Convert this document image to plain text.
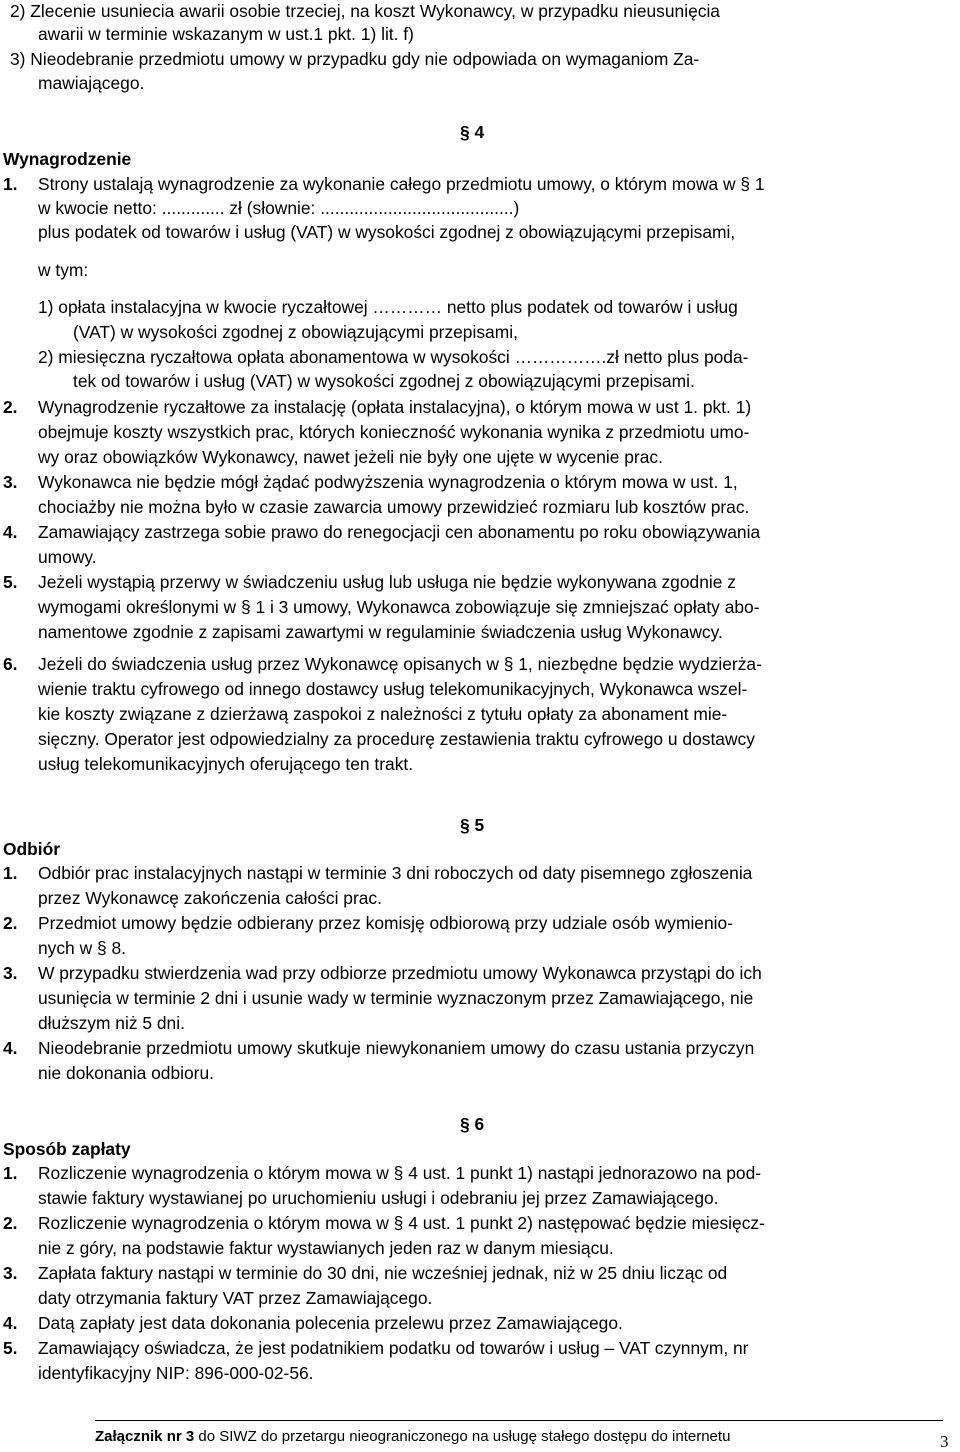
2) Zlecenie usuniecia awarii osobie trzeciej, na koszt Wykonawcy, w przypadku nieusunięcia
awarii w terminie wskazanym w ust.1 pkt. 1) lit. f)
3) Nieodebranie przedmiotu umowy w przypadku gdy nie odpowiada on wymaganiom Za-
mawiającego.
§ 4
Wynagrodzenie
1. Strony ustalają wynagrodzenie za wykonanie całego przedmiotu umowy, o którym mowa w § 1
w kwocie netto: ............. zł (słownie: ........................................)
plus podatek od towarów i usług (VAT) w wysokości zgodnej z obowiązującymi przepisami,
w tym:
1) opłata instalacyjna w kwocie ryczałtowej ………… netto plus podatek od towarów i usług
(VAT) w wysokości zgodnej z obowiązującymi przepisami,
2) miesięczna ryczałtowa opłata abonamentowa w wysokości …………….zł netto plus poda-
tek od towarów i usług (VAT) w wysokości zgodnej z obowiązującymi przepisami.
2. Wynagrodzenie ryczałtowe za instalację (opłata instalacyjna), o którym mowa w ust 1. pkt. 1)
obejmuje koszty wszystkich prac, których konieczność wykonania wynika z przedmiotu umo-
wy oraz obowiązków Wykonawcy, nawet jeżeli nie były one ujęte w wycenie prac.
3. Wykonawca nie będzie mógł żądać podwyższenia wynagrodzenia o którym mowa w ust. 1,
chociażby nie można było w czasie zawarcia umowy przewidzieć rozmiaru lub kosztów prac.
4. Zamawiający zastrzega sobie prawo do renegocjacji cen abonamentu po roku obowiązywania
umowy.
5. Jeżeli wystąpią przerwy w świadczeniu usług lub usługa nie będzie wykonywana zgodnie z
wymogami określonymi w § 1 i 3 umowy, Wykonawca zobowiązuje się zmniejszać opłaty abo-
namentowe zgodnie z zapisami zawartymi w regulaminie świadczenia usług Wykonawcy.
6. Jeżeli do świadczenia usług przez Wykonawcę opisanych w § 1, niezbędne będzie wydzierża-
wienie traktu cyfrowego od innego dostawcy usług telekomunikacyjnych, Wykonawca wszel-
kie koszty związane z dzierżawą zaspokoi z należności z tytułu opłaty za abonament mie-
sięczny. Operator jest odpowiedzialny za procedurę zestawienia traktu cyfrowego u dostawcy
usług telekomunikacyjnych oferującego ten trakt.
§ 5
Odbiór
1. Odbiór prac instalacyjnych nastąpi w terminie 3 dni roboczych od daty pisemnego zgłoszenia
przez Wykonawcę zakończenia całości prac.
2. Przedmiot umowy będzie odbierany przez komisję odbiorową przy udziale osób wymienio-
nych w § 8.
3. W przypadku stwierdzenia wad przy odbiorze przedmiotu umowy Wykonawca przystąpi do ich
usunięcia w terminie 2 dni i usunie wady w terminie wyznaczonym przez Zamawiającego, nie
dłuższym niż 5 dni.
4. Nieodebranie przedmiotu umowy skutkuje niewykonaniem umowy do czasu ustania przyczyn
nie dokonania odbioru.
§ 6
Sposób zapłaty
1. Rozliczenie wynagrodzenia o którym mowa w § 4 ust. 1 punkt 1) nastąpi jednorazowo na pod-
stawie faktury wystawianej po uruchomieniu usługi i odebraniu jej przez Zamawiającego.
2. Rozliczenie wynagrodzenia o którym mowa w § 4 ust. 1 punkt 2) następować będzie miesięcz-
nie z góry, na podstawie faktur wystawianych jeden raz w danym miesiącu.
3. Zapłata faktury nastąpi w terminie do 30 dni, nie wcześniej jednak, niż w 25 dniu licząc od
daty otrzymania faktury VAT przez Zamawiającego.
4. Datą zapłaty jest data dokonania polecenia przelewu przez Zamawiającego.
5. Zamawiający oświadcza, że jest podatnikiem podatku od towarów i usług – VAT czynnym, nr
identyfikacyjny NIP: 896-000-02-56.
Załącznik nr 3 do SIWZ do przetargu nieograniczonego na usługę stałego dostępu do internetu	3
